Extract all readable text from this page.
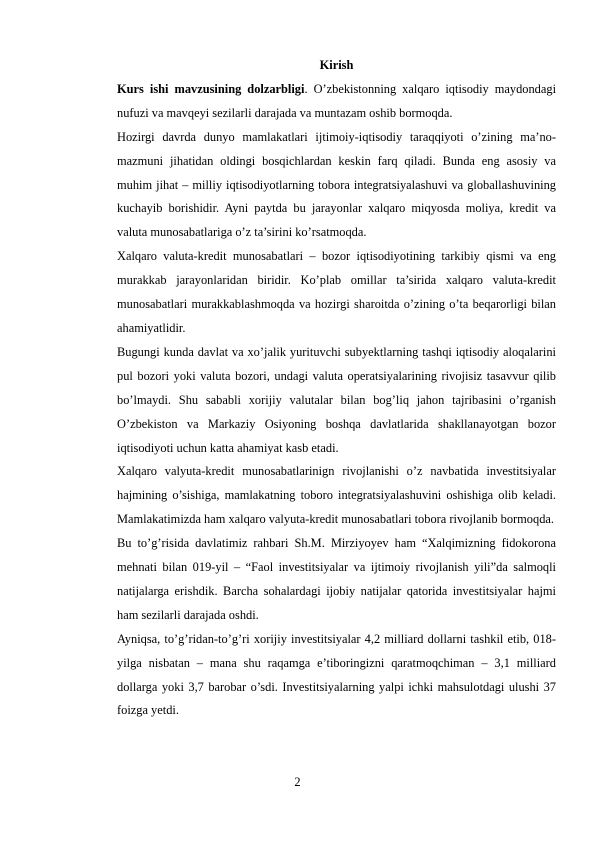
Kirish

Kurs ishi mavzusining dolzarbligi. O’zbekistonning xalqaro iqtisodiy maydondagi nufuzi va mavqeyi sezilarli darajada va muntazam oshib bormoqda.

Hozirgi davrda dunyo mamlakatlari ijtimoiy-iqtisodiy taraqqiyoti o’zining ma’no-mazmuni jihatidan oldingi bosqichlardan keskin farq qiladi. Bunda eng asosiy va muhim jihat – milliy iqtisodiyotlarning tobora integratsiyalashuvi va globallashuvining kuchayib borishidir. Ayni paytda bu jarayonlar xalqaro miqyosda moliya, kredit va valuta munosabatlariga o’z ta’sirini ko’rsatmoqda.

Xalqaro valuta-kredit munosabatlari – bozor iqtisodiyotining tarkibiy qismi va eng murakkab jarayonlaridan biridir. Ko’plab omillar ta’sirida xalqaro valuta-kredit munosabatlari murakkablashmoqda va hozirgi sharoitda o’zining o’ta beqarorligi bilan ahamiyatlidir.

Bugungi kunda davlat va xo’jalik yurituvchi subyektlarning tashqi iqtisodiy aloqalarini pul bozori yoki valuta bozori, undagi valuta operatsiyalarining rivojisiz tasavvur qilib bo’lmaydi. Shu sababli xorijiy valutalar bilan bog’liq jahon tajribasini o’rganish O’zbekiston va Markaziy Osiyoning boshqa davlatlarida shakllanayotgan bozor iqtisodiyoti uchun katta ahamiyat kasb etadi.

Xalqaro valyuta-kredit munosabatlarinign rivojlanishi o’z navbatida investitsiyalar hajmining o’sishiga, mamlakatning toboro integratsiyalashuvini oshishiga olib keladi. Mamlakatimizda ham xalqaro valyuta-kredit munosabatlari tobora rivojlanib bormoqda.

Bu to’g’risida davlatimiz rahbari Sh.M. Mirziyoyev ham “Xalqimizning fidokorona mehnati bilan 019-yil – “Faol investitsiyalar va ijtimoiy rivojlanish yili”da salmoqli natijalarga erishdik. Barcha sohalardagi ijobiy natijalar qatorida investitsiyalar hajmi ham sezilarli darajada oshdi.

Ayniqsa, to’g’ridan-to’g’ri xorijiy investitsiyalar 4,2 milliard dollarni tashkil etib, 018-yilga nisbatan – mana shu raqamga e’tiboringizni qaratmoqchiman – 3,1 milliard dollarga yoki 3,7 barobar o’sdi. Investitsiyalarning yalpi ichki mahsulotdagi ulushi 37 foizga yetdi.

2
